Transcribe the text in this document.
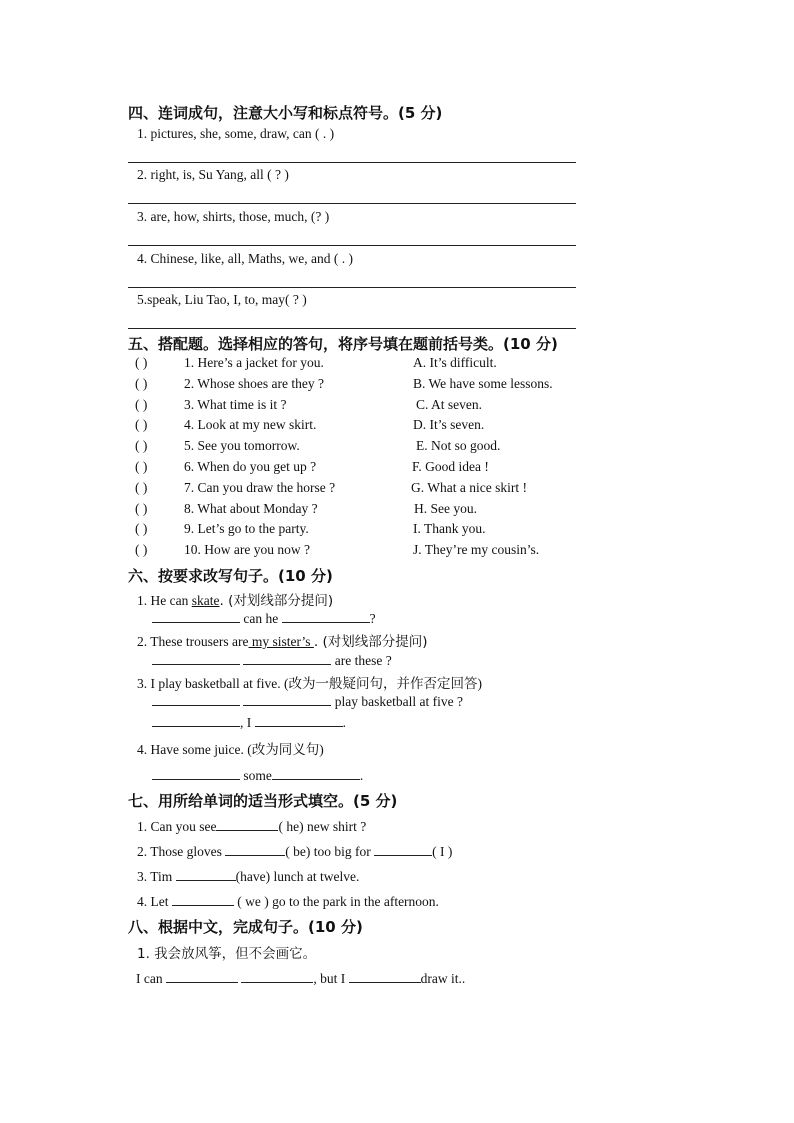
四、连词成句，注意大小写和标点符号。(5 分)
1. pictures, she, some, draw, can ( . )
2. right, is, Su Yang, all ( ? )
3. are, how, shirts, those, much, (? )
4. Chinese, like, all, Maths, we, and ( . )
5.speak, Liu Tao, I, to, may( ? )
五、搭配题。选择相应的答句，将序号填在题前括号类。(10 分)
( )	1. Here’s a jacket for you.	A. It’s difficult.
( )	2. Whose shoes are they ?	B. We have some lessons.
( )	3. What time is it ?	C. At seven.
( )	4. Look at my new skirt.	D. It’s seven.
( )	5. See you tomorrow.	E. Not so good.
( )	6. When do you get up ?	F. Good idea !
( )	7. Can you draw the horse ?	G. What a nice skirt !
( )	8. What about Monday ?	H. See you.
( )	9. Let’s go to the party.	I. Thank you.
( )	10. How are you now ?	J. They’re my cousin’s.
六、按要求改写句子。(10 分)
1. He can skate. (对划线部分提问)
can he	?
2. These trousers are my sister’s . (对划线部分提问)
are these ?
3. I play basketball at five. (改为一般疑问句，并作否定回答)
play basketball at five ?
, I	.
4. Have some juice. (改为同义句)
some	.
七、用所给单词的适当形式填空。(5 分)
1. Can you see	( he) new shirt ?
2. Those gloves	( be) too big for	( I )
3. Tim	(have) lunch at twelve.
4. Let	( we ) go to the park in the afternoon.
八、根据中文，完成句子。(10 分)
1. 我会放风筝，但不会画它。
I can	, but I	draw it..
